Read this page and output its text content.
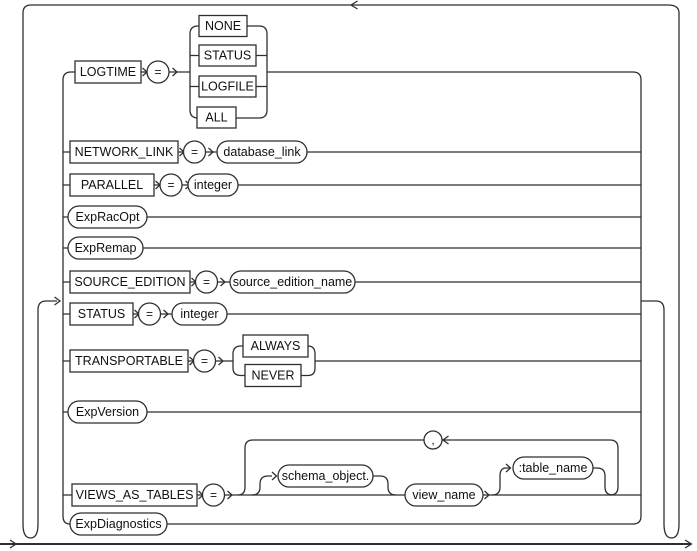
LOGTIME =
NONE
STATUS
LOGFILE
ALL
NETWORK_LINK = database_link
PARALLEL = integer
ExpRacOpt
ExpRemap
SOURCE_EDITION = source_edition_name
STATUS = integer
TRANSPORTABLE =
ALWAYS
NEVER
ExpVersion
VIEWS_AS_TABLES =
,
schema_object.
view_name
:table_name
ExpDiagnostics
